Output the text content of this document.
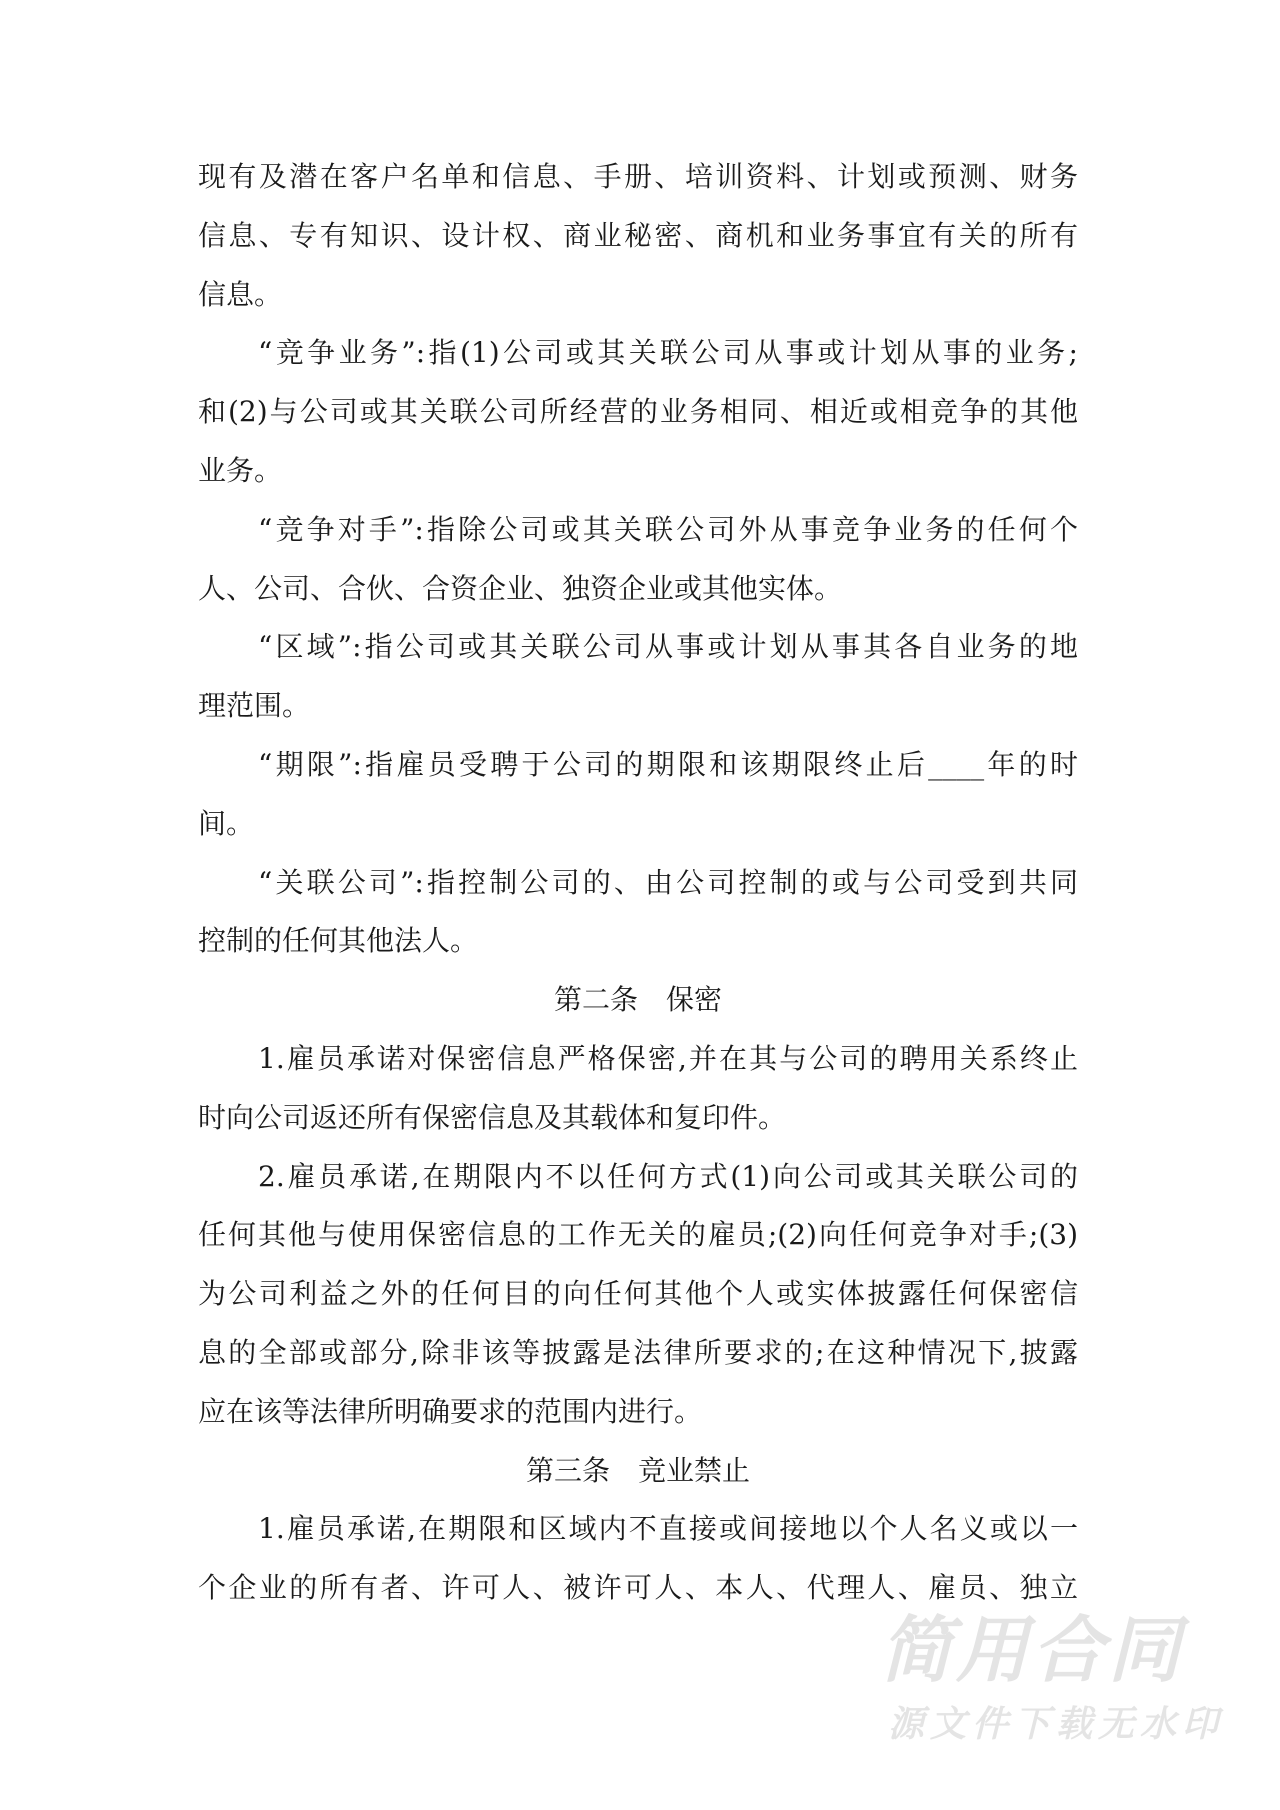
现有及潜在客户名单和信息、手册、培训资料、计划或预测、财务
信息、专有知识、设计权、商业秘密、商机和业务事宜有关的所有
信息。
“竞争业务”:指(1)公司或其关联公司从事或计划从事的业务;
和(2)与公司或其关联公司所经营的业务相同、相近或相竞争的其他
业务。
“竞争对手”:指除公司或其关联公司外从事竞争业务的任何个
人、公司、合伙、合资企业、独资企业或其他实体。
“区域”:指公司或其关联公司从事或计划从事其各自业务的地
理范围。
“期限”:指雇员受聘于公司的期限和该期限终止后____年的时
间。
“关联公司”:指控制公司的、由公司控制的或与公司受到共同
控制的任何其他法人。
第二条　保密
1.雇员承诺对保密信息严格保密,并在其与公司的聘用关系终止
时向公司返还所有保密信息及其载体和复印件。
2.雇员承诺,在期限内不以任何方式(1)向公司或其关联公司的
任何其他与使用保密信息的工作无关的雇员;(2)向任何竞争对手;(3)
为公司利益之外的任何目的向任何其他个人或实体披露任何保密信
息的全部或部分,除非该等披露是法律所要求的;在这种情况下,披露
应在该等法律所明确要求的范围内进行。
第三条　竞业禁止
1.雇员承诺,在期限和区域内不直接或间接地以个人名义或以一
个企业的所有者、许可人、被许可人、本人、代理人、雇员、独立
简用合同
源文件下载无水印
